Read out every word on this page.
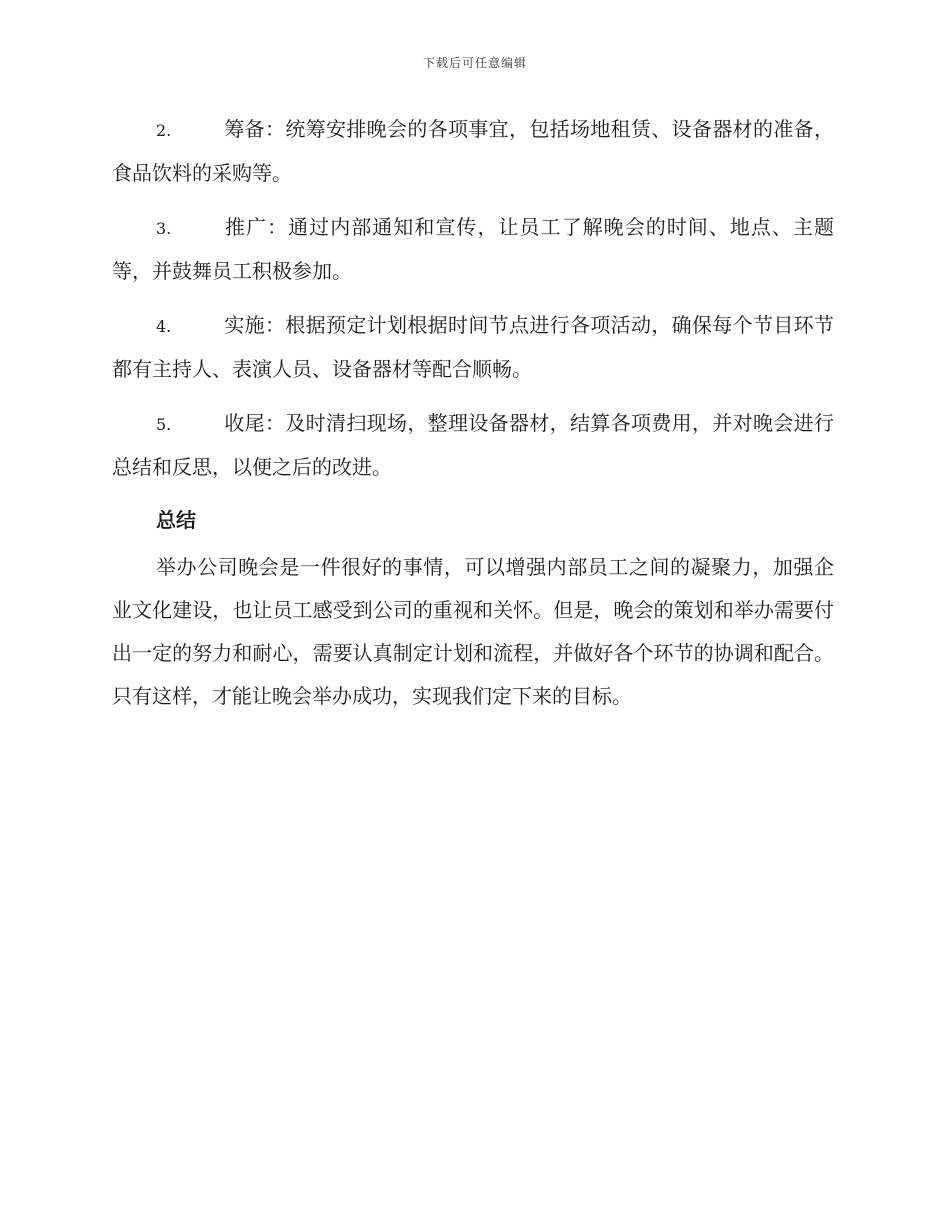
下载后可任意编辑

2.	筹备：统筹安排晚会的各项事宜，包括场地租赁、设备器材的准备，食品饮料的采购等。

3.	推广：通过内部通知和宣传，让员工了解晚会的时间、地点、主题等，并鼓舞员工积极参加。

4.	实施：根据预定计划根据时间节点进行各项活动，确保每个节目环节都有主持人、表演人员、设备器材等配合顺畅。

5.	收尾：及时清扫现场，整理设备器材，结算各项费用，并对晚会进行总结和反思，以便之后的改进。

总结

举办公司晚会是一件很好的事情，可以增强内部员工之间的凝聚力，加强企业文化建设，也让员工感受到公司的重视和关怀。但是，晚会的策划和举办需要付出一定的努力和耐心，需要认真制定计划和流程，并做好各个环节的协调和配合。只有这样，才能让晚会举办成功，实现我们定下来的目标。
